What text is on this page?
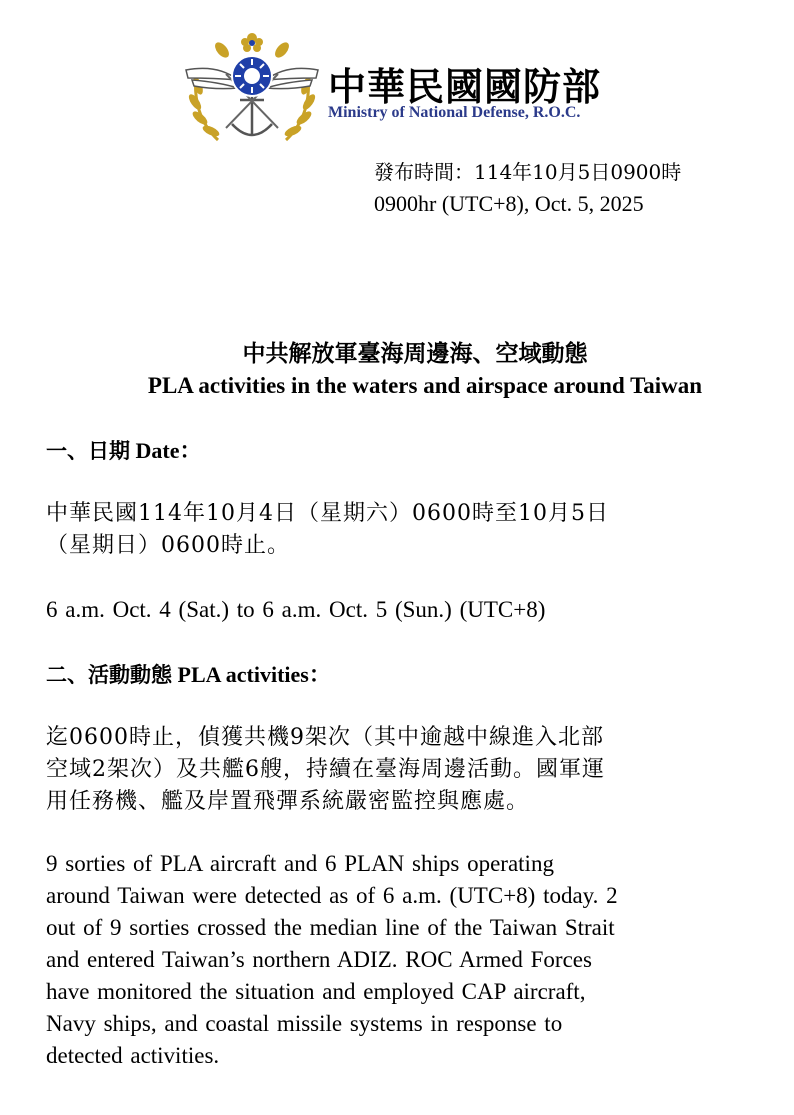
中華民國國防部
Ministry of National Defense, R.O.C.
發布時間：114年10月5日0900時
0900hr (UTC+8), Oct. 5, 2025
中共解放軍臺海周邊海、空域動態
PLA activities in the waters and airspace around Taiwan
一、日期 Date：
中華民國114年10月4日（星期六）0600時至10月5日
（星期日）0600時止。
6 a.m. Oct. 4 (Sat.) to 6 a.m. Oct. 5 (Sun.) (UTC+8)
二、活動動態 PLA activities：
迄0600時止，偵獲共機9架次（其中逾越中線進入北部
空域2架次）及共艦6艘，持續在臺海周邊活動。國軍運
用任務機、艦及岸置飛彈系統嚴密監控與應處。
9 sorties of PLA aircraft and 6 PLAN ships operating
around Taiwan were detected as of 6 a.m. (UTC+8) today. 2
out of 9 sorties crossed the median line of the Taiwan Strait
and entered Taiwan’s northern ADIZ. ROC Armed Forces
have monitored the situation and employed CAP aircraft,
Navy ships, and coastal missile systems in response to
detected activities.
